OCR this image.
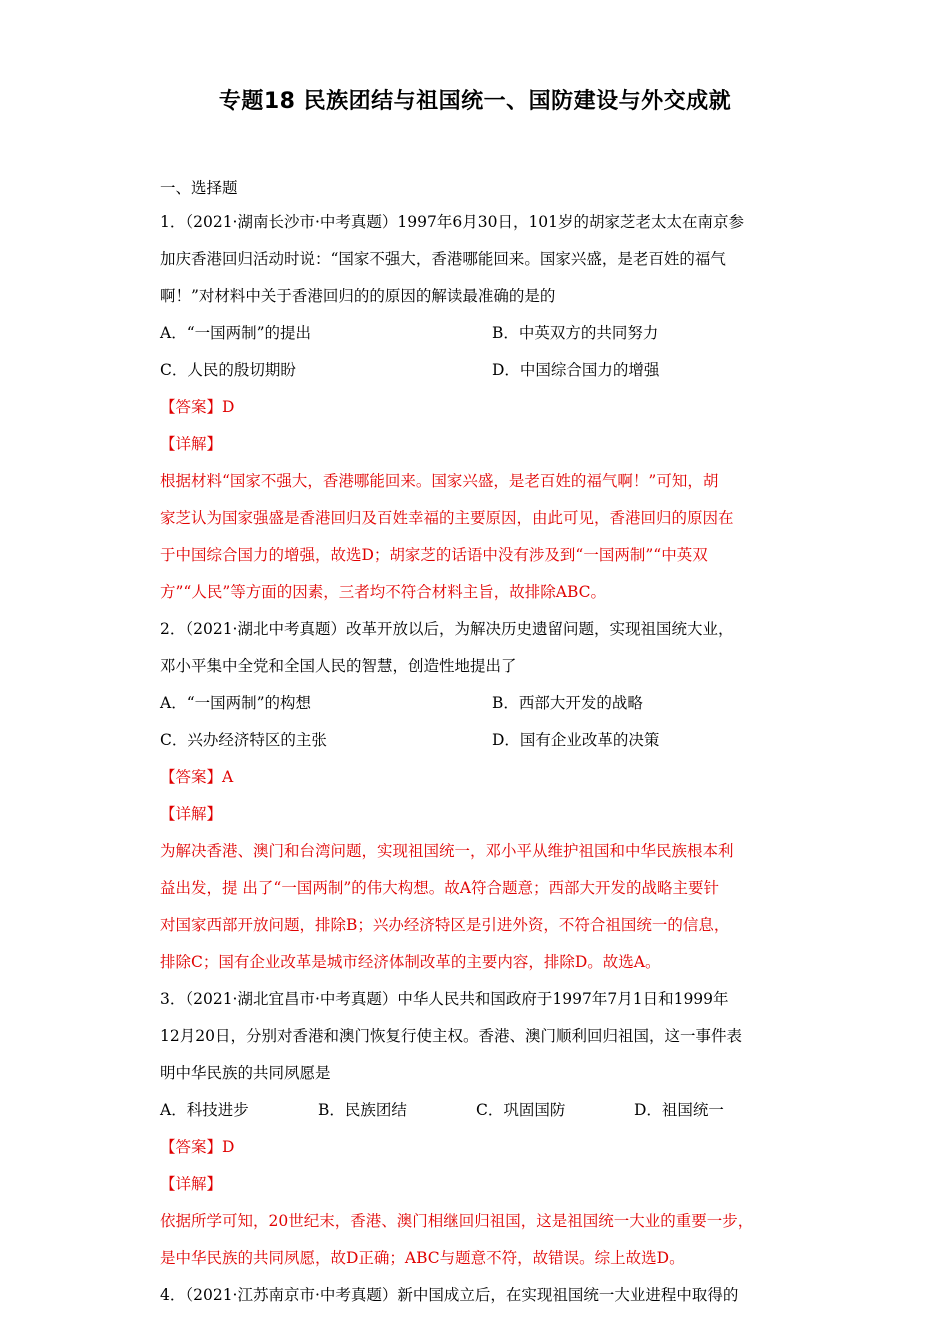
专题18 民族团结与祖国统一、国防建设与外交成就
一、选择题
1．（2021·湖南长沙市·中考真题）1997年6月30日，101岁的胡家芝老太太在南京参
加庆香港回归活动时说：“国家不强大，香港哪能回来。国家兴盛，是老百姓的福气
啊！”对材料中关于香港回归的的原因的解读最准确的是的
A．“一国两制”的提出	B．中英双方的共同努力
C．人民的殷切期盼	D．中国综合国力的增强
【答案】D
【详解】
根据材料“国家不强大，香港哪能回来。国家兴盛，是老百姓的福气啊！”可知，胡
家芝认为国家强盛是香港回归及百姓幸福的主要原因，由此可见，香港回归的原因在
于中国综合国力的增强，故选D；胡家芝的话语中没有涉及到“一国两制”“中英双
方”“人民”等方面的因素，三者均不符合材料主旨，故排除ABC。
2．（2021·湖北中考真题）改革开放以后，为解决历史遗留问题，实现祖国统大业，
邓小平集中全党和全国人民的智慧，创造性地提出了
A．“一国两制”的构想	B．西部大开发的战略
C．兴办经济特区的主张	D．国有企业改革的决策
【答案】A
【详解】
为解决香港、澳门和台湾问题，实现祖国统一，邓小平从维护祖国和中华民族根本利
益出发，提 出了“一国两制”的伟大构想。故A符合题意；西部大开发的战略主要针
对国家西部开放问题，排除B；兴办经济特区是引进外资，不符合祖国统一的信息，
排除C；国有企业改革是城市经济体制改革的主要内容，排除D。故选A。
3．（2021·湖北宜昌市·中考真题）中华人民共和国政府于1997年7月1日和1999年
12月20日，分别对香港和澳门恢复行使主权。香港、澳门顺利回归祖国，这一事件表
明中华民族的共同夙愿是
A．科技进步	B．民族团结	C．巩固国防	D．祖国统一
【答案】D
【详解】
依据所学可知，20世纪末，香港、澳门相继回归祖国，这是祖国统一大业的重要一步，
是中华民族的共同夙愿，故D正确；ABC与题意不符，故错误。综上故选D。
4．（2021·江苏南京市·中考真题）新中国成立后，在实现祖国统一大业进程中取得的
